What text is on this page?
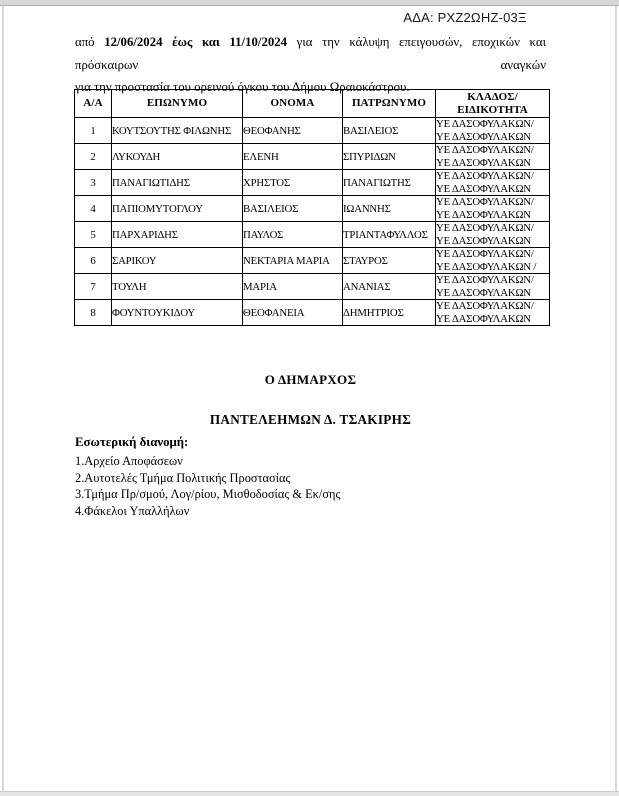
ΑΔΑ: ΡΧΖ2ΩΗΖ-03Ξ
από 12/06/2024 έως και 11/10/2024 για την κάλυψη επειγουσών, εποχικών και πρόσκαιρων αναγκών
για την προστασία του ορεινού όγκου του Δήμου Ωραιοκάστρου.
Α/Α	ΕΠΩΝΥΜΟ	ΟΝΟΜΑ	ΠΑΤΡΩΝΥΜΟ	ΚΛΑΔΟΣ/
ΕΙΔΙΚΟΤΗΤΑ

1	ΚΟΥΤΣΟΥΤΗΣ ΦΙΛΩΝΗΣ	ΘΕΟΦΑΝΗΣ	ΒΑΣΙΛΕΙΟΣ	ΥΕ ΔΑΣΟΦΥΛΑΚΩΝ/
ΥΕ ΔΑΣΟΦΥΛΑΚΩΝ

2	ΛΥΚΟΥΔΗ	ΕΛΕΝΗ	ΣΠΥΡΙΔΩΝ	ΥΕ ΔΑΣΟΦΥΛΑΚΩΝ/
ΥΕ ΔΑΣΟΦΥΛΑΚΩΝ

3	ΠΑΝΑΓΙΩΤΙΔΗΣ	ΧΡΗΣΤΟΣ	ΠΑΝΑΓΙΩΤΗΣ	ΥΕ ΔΑΣΟΦΥΛΑΚΩΝ/
ΥΕ ΔΑΣΟΦΥΛΑΚΩΝ

4	ΠΑΠΙΟΜΥΤΟΓΛΟΥ	ΒΑΣΙΛΕΙΟΣ	ΙΩΑΝΝΗΣ	ΥΕ ΔΑΣΟΦΥΛΑΚΩΝ/
ΥΕ ΔΑΣΟΦΥΛΑΚΩΝ

5	ΠΑΡΧΑΡΙΔΗΣ	ΠΑΥΛΟΣ	ΤΡΙΑΝΤΑΦΥΛΛΟΣ	ΥΕ ΔΑΣΟΦΥΛΑΚΩΝ/
ΥΕ ΔΑΣΟΦΥΛΑΚΩΝ

6	ΣΑΡΙΚΟΥ	ΝΕΚΤΑΡΙΑ ΜΑΡΙΑ	ΣΤΑΥΡΟΣ	ΥΕ ΔΑΣΟΦΥΛΑΚΩΝ/
ΥΕ ΔΑΣΟΦΥΛΑΚΩΝ /

7	ΤΟΥΛΗ	ΜΑΡΙΑ	ΑΝΑΝΙΑΣ	ΥΕ ΔΑΣΟΦΥΛΑΚΩΝ/
ΥΕ ΔΑΣΟΦΥΛΑΚΩΝ

8	ΦΟΥΝΤΟΥΚΙΔΟΥ	ΘΕΟΦΑΝΕΙΑ	ΔΗΜΗΤΡΙΟΣ	ΥΕ ΔΑΣΟΦΥΛΑΚΩΝ/
ΥΕ ΔΑΣΟΦΥΛΑΚΩΝ
Ο ΔΗΜΑΡΧΟΣ
ΠΑΝΤΕΛΕΗΜΩΝ Δ. ΤΣΑΚΙΡΗΣ
Εσωτερική διανομή:
1.Αρχείο Αποφάσεων
2.Αυτοτελές Τμήμα Πολιτικής Προστασίας
3.Τμήμα Πρ/σμού, Λογ/ρίου, Μισθοδοσίας & Εκ/σης
4.Φάκελοι Υπαλλήλων
